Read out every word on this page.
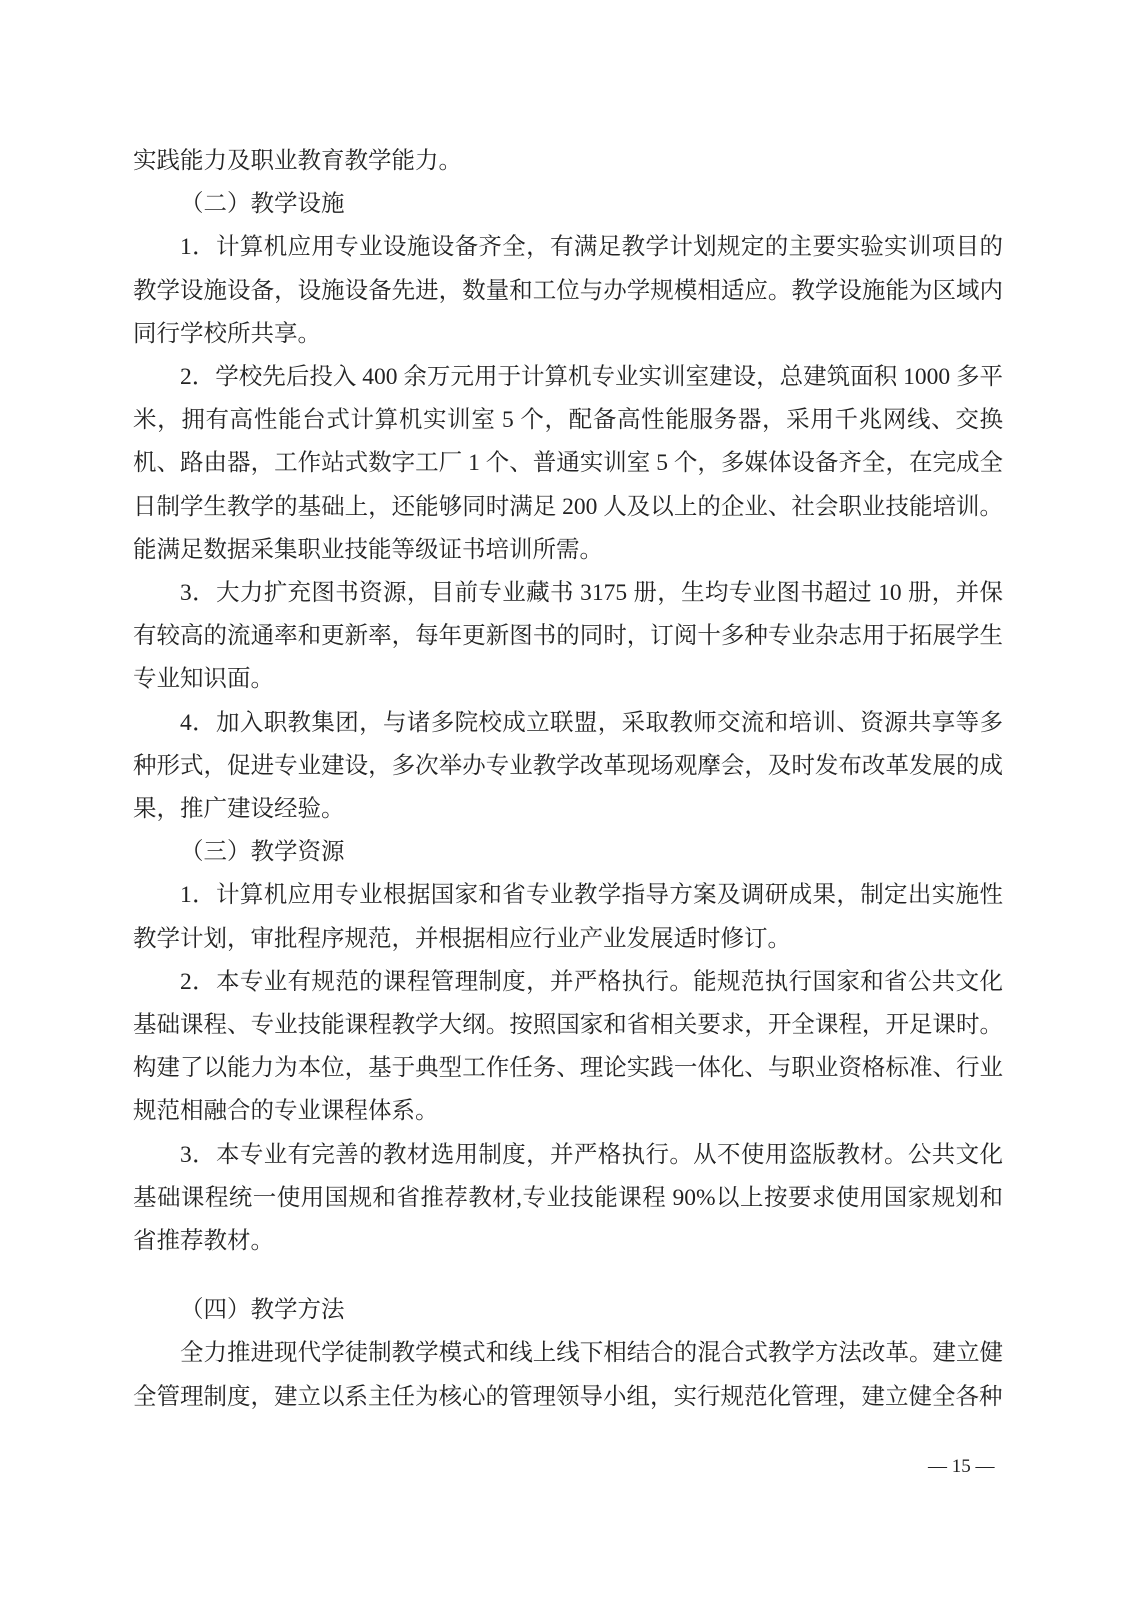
实践能力及职业教育教学能力。
（二）教学设施
1．计算机应用专业设施设备齐全，有满足教学计划规定的主要实验实训项目的教学设施设备，设施设备先进，数量和工位与办学规模相适应。教学设施能为区域内同行学校所共享。
2．学校先后投入 400 余万元用于计算机专业实训室建设，总建筑面积 1000 多平米，拥有高性能台式计算机实训室 5 个，配备高性能服务器，采用千兆网线、交换机、路由器，工作站式数字工厂 1 个、普通实训室 5 个，多媒体设备齐全，在完成全日制学生教学的基础上，还能够同时满足 200 人及以上的企业、社会职业技能培训。能满足数据采集职业技能等级证书培训所需。
3．大力扩充图书资源，目前专业藏书 3175 册，生均专业图书超过 10 册，并保有较高的流通率和更新率，每年更新图书的同时，订阅十多种专业杂志用于拓展学生专业知识面。
4．加入职教集团，与诸多院校成立联盟，采取教师交流和培训、资源共享等多种形式，促进专业建设，多次举办专业教学改革现场观摩会，及时发布改革发展的成果，推广建设经验。
（三）教学资源
1．计算机应用专业根据国家和省专业教学指导方案及调研成果，制定出实施性教学计划，审批程序规范，并根据相应行业产业发展适时修订。
2．本专业有规范的课程管理制度，并严格执行。能规范执行国家和省公共文化基础课程、专业技能课程教学大纲。按照国家和省相关要求，开全课程，开足课时。构建了以能力为本位，基于典型工作任务、理论实践一体化、与职业资格标准、行业规范相融合的专业课程体系。
3．本专业有完善的教材选用制度，并严格执行。从不使用盗版教材。公共文化基础课程统一使用国规和省推荐教材,专业技能课程 90%以上按要求使用国家规划和省推荐教材。
（四）教学方法
全力推进现代学徒制教学模式和线上线下相结合的混合式教学方法改革。建立健全管理制度，建立以系主任为核心的管理领导小组，实行规范化管理，建立健全各种
— 15 —
